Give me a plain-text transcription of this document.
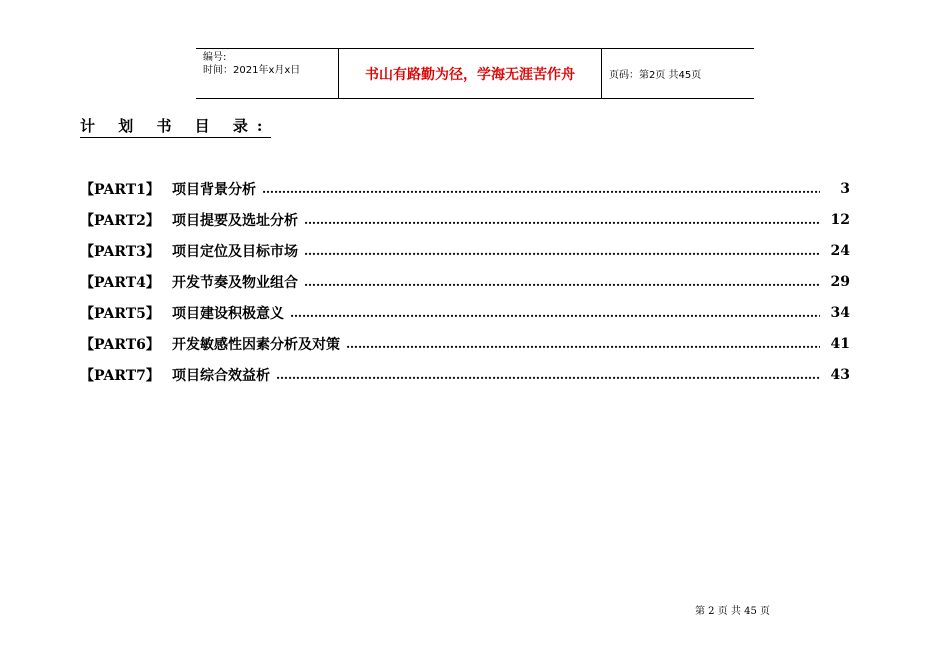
编号:
时间：2021年x月x日	书山有路勤为径，学海无涯苦作舟	页码：第2页 共45页
计 划 书 目 录:
【PART1】 项目背景分析 ………………………………………………………………………………………………………………………………………………	3
【PART2】 项目提要及选址分析 ………………………………………………………………………………………………………………………………………………	12
【PART3】 项目定位及目标市场 ………………………………………………………………………………………………………………………………………………	24
【PART4】 开发节奏及物业组合 ………………………………………………………………………………………………………………………………………………	29
【PART5】 项目建设积极意义 ………………………………………………………………………………………………………………………………………………	34
【PART6】 开发敏感性因素分析及对策 ………………………………………………………………………………………………………………………………………………	41
【PART7】 项目综合效益析 ………………………………………………………………………………………………………………………………………………	43
第 2 页 共 45 页
